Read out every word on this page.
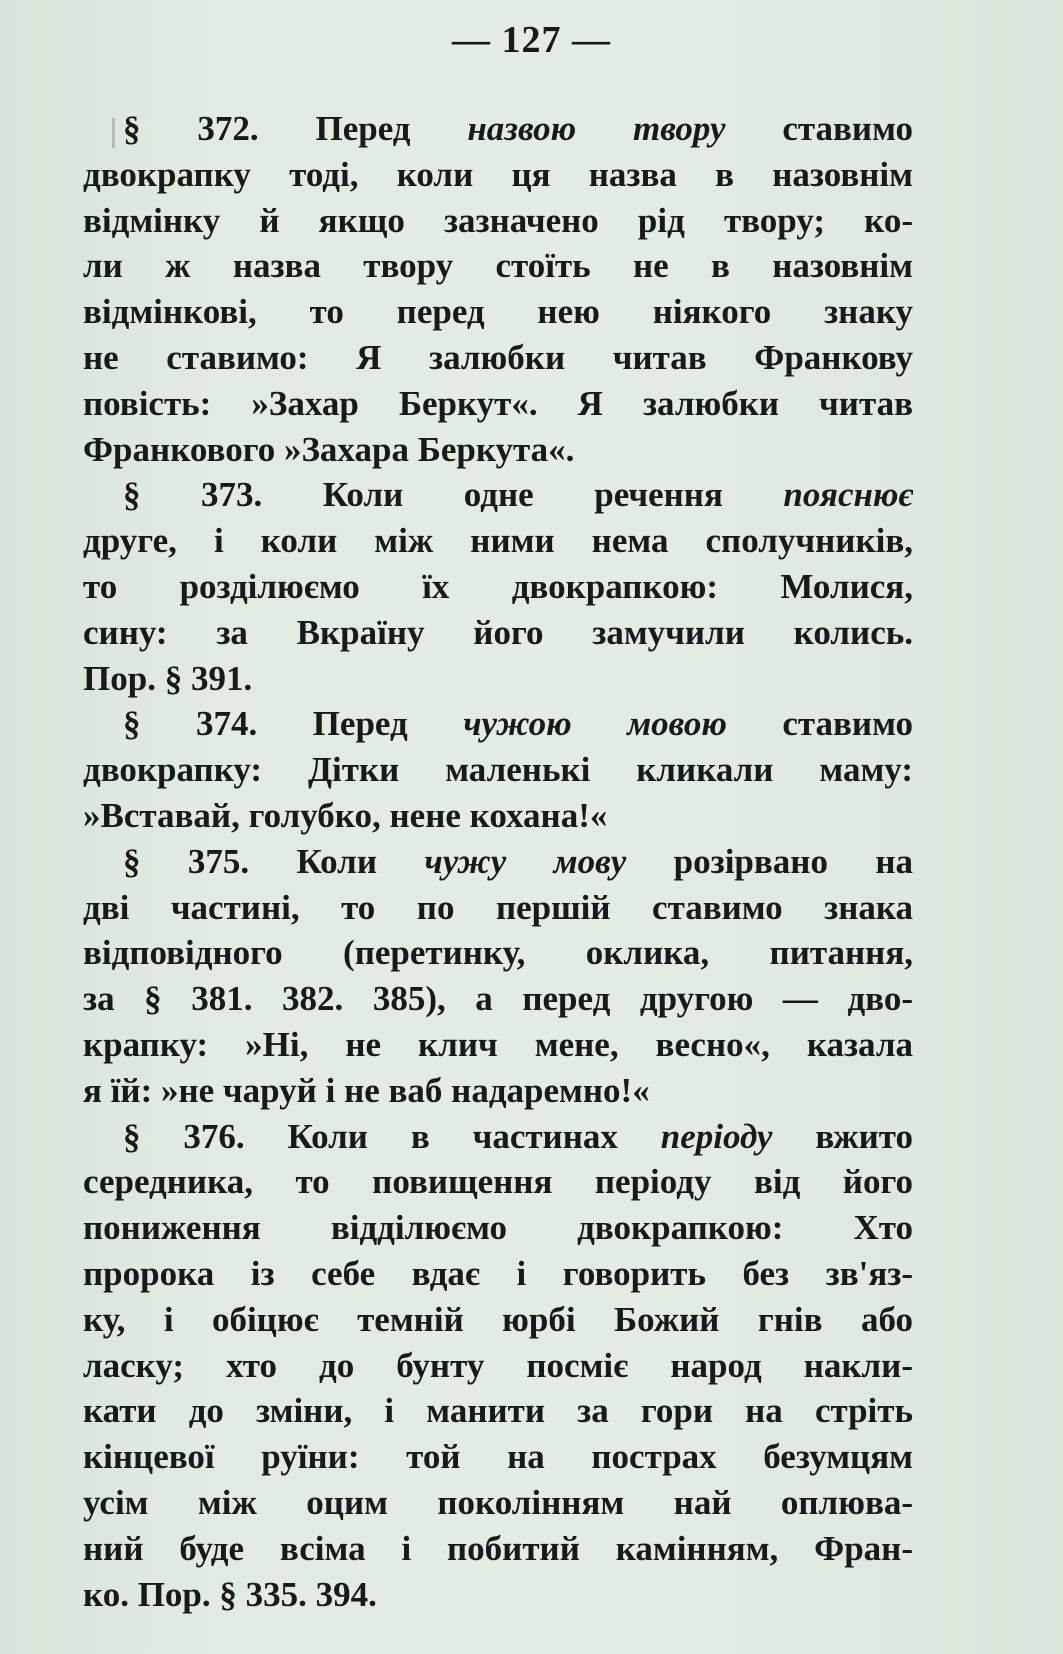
— 127 —
§ 372. Перед назвою твору ставимо
двокрапку тоді, коли ця назва в назовнім
відмінку й якщо зазначено рід твору; ко-
ли ж назва твору стоїть не в назовнім
відмінкові, то перед нею ніякого знаку
не ставимо: Я залюбки читав Франкову
повість: »Захар Беркут«. Я залюбки читав
Франкового »Захара Беркута«.
§ 373. Коли одне речення пояснює
друге, і коли між ними нема сполучників,
то розділюємо їх двокрапкою: Молися,
сину: за Вкраїну його замучили колись.
Пор. § 391.
§ 374. Перед чужою мовою ставимо
двокрапку: Дітки маленькі кликали маму:
»Вставай, голубко, нене кохана!«
§ 375. Коли чужу мову розірвано на
дві частині, то по першій ставимо знака
відповідного (перетинку, оклика, питання,
за § 381. 382. 385), а перед другою — дво-
крапку: »Ні, не клич мене, весно«, казала
я їй: »не чаруй і не ваб надаремно!«
§ 376. Коли в частинах періоду вжито
середника, то повищення періоду від його
пониження відділюємо двокрапкою: Хто
пророка із себе вдає і говорить без зв'яз-
ку, і обіцює темній юрбі Божий гнів або
ласку; хто до бунту посміє народ накли-
кати до зміни, і манити за гори на стріть
кінцевої руїни: той на пострах безумцям
усім між оцим поколінням най оплюва-
ний буде всіма і побитий камінням, Фран-
ко. Пор. § 335. 394.
